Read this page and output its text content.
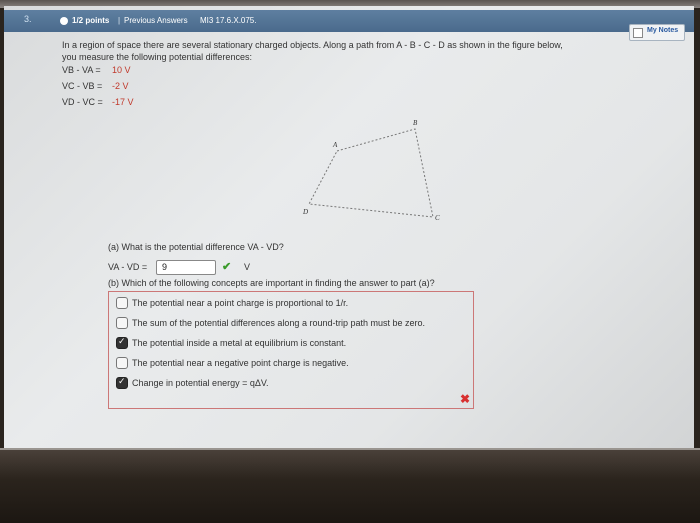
3.	1/2 points | Previous Answers MI3 17.6.X.075.
My Notes
In a region of space there are several stationary charged objects. Along a path from A - B - C - D as shown in the figure below,
you measure the following potential differences:
VB - VA = 10 V
VC - VB = -2 V
VD - VC = -17 V
A
B
C
D
(a) What is the potential difference VA - VD?
VA - VD = 9	✔ V
(b) Which of the following concepts are important in finding the answer to part (a)?
The potential near a point charge is proportional to 1/r.
The sum of the potential differences along a round-trip path must be zero.
✓
The potential inside a metal at equilibrium is constant.
The potential near a negative point charge is negative.
✓
Change in potential energy = qΔV.
✖
